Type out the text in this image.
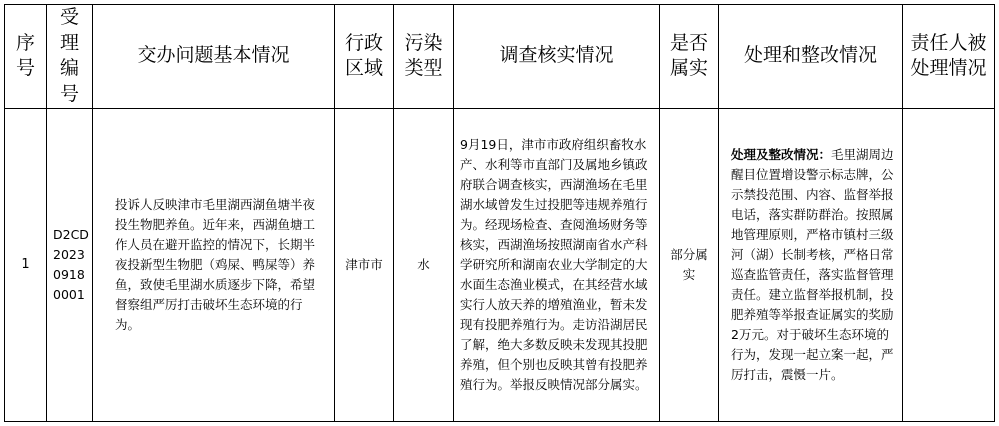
序号	受理编号	交办问题基本情况	行政区域	污染类型	调查核实情况	是否属实	处理和整改情况	责任人被处理情况
1	D2CD20230918 0001	投诉人反映津市毛里湖西湖鱼塘半夜投生物肥养鱼。近年来，西湖鱼塘工作人员在避开监控的情况下，长期半夜投新型生物肥（鸡屎、鸭屎等）养鱼，致使毛里湖水质逐步下降，希望督察组严厉打击破坏生态环境的行为。	津市市	水	9月19日，津市市政府组织畜牧水产、水利等市直部门及属地乡镇政府联合调查核实，西湖渔场在毛里湖水域曾发生过投肥等违规养殖行为。经现场检查、查阅渔场财务等核实，西湖渔场按照湖南省水产科学研究所和湖南农业大学制定的大水面生态渔业模式，在其经营水域实行人放天养的增殖渔业，暂未发现有投肥养殖行为。走访沿湖居民了解，绝大多数反映未发现其投肥养殖，但个别也反映其曾有投肥养殖行为。举报反映情况部分属实。	部分属实	处理及整改情况：毛里湖周边醒目位置增设警示标志牌，公示禁投范围、内容、监督举报电话，落实群防群治。按照属地管理原则，严格市镇村三级河（湖）长制考核，严格日常巡查监管责任，落实监督管理责任。建立监督举报机制，投肥养殖等举报查证属实的奖励2万元。对于破坏生态环境的行为，发现一起立案一起，严厉打击，震慑一片。	
